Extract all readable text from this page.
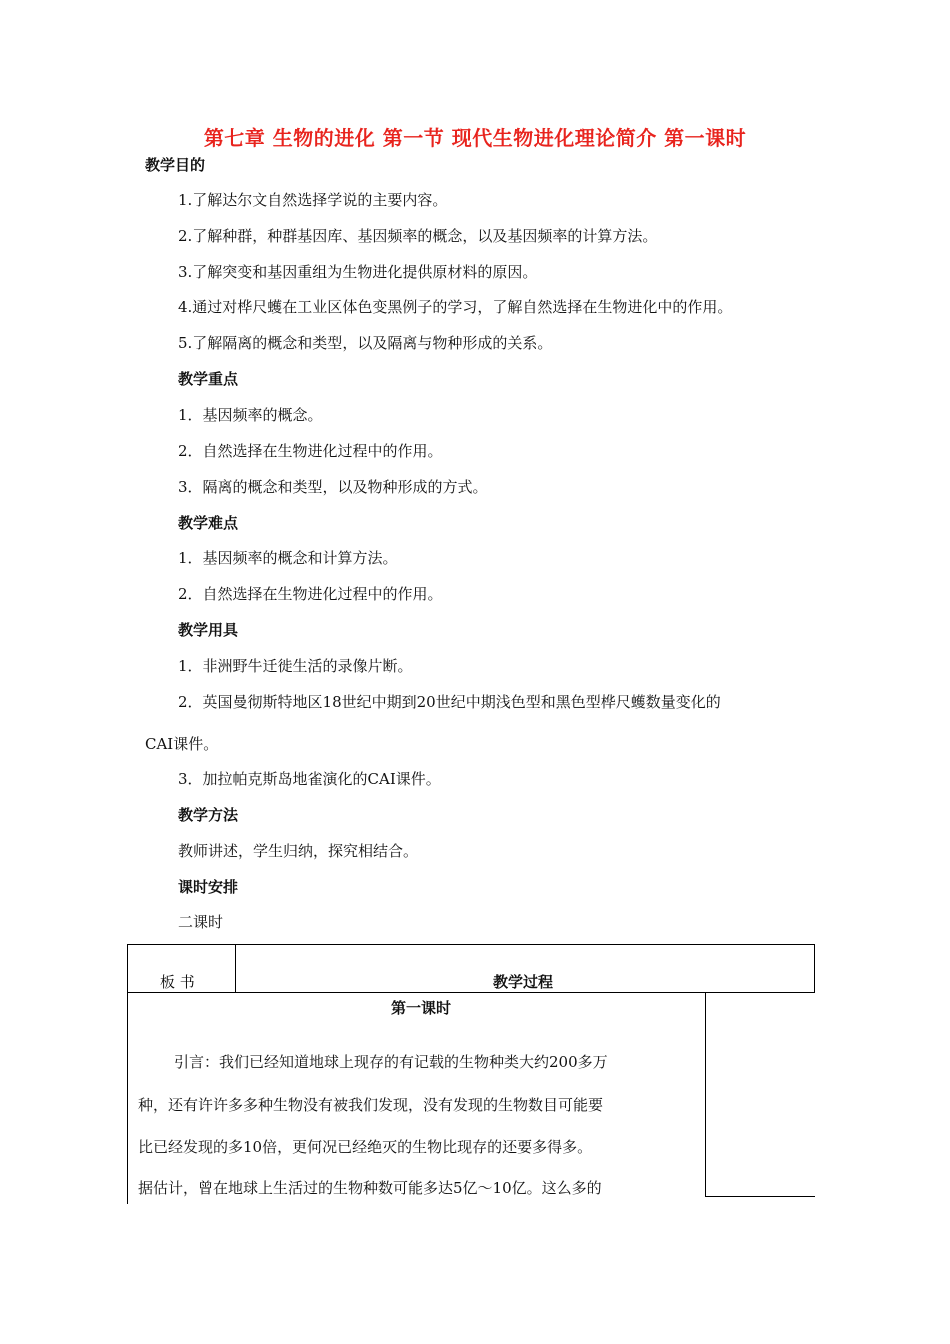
第七章 生物的进化 第一节 现代生物进化理论简介 第一课时
教学目的
1.了解达尔文自然选择学说的主要内容。
2.了解种群，种群基因库、基因频率的概念，以及基因频率的计算方法。
3.了解突变和基因重组为生物进化提供原材料的原因。
4.通过对桦尺蠖在工业区体色变黑例子的学习，了解自然选择在生物进化中的作用。
5.了解隔离的概念和类型，以及隔离与物种形成的关系。
教学重点
1．基因频率的概念。
2．自然选择在生物进化过程中的作用。
3．隔离的概念和类型，以及物种形成的方式。
教学难点
1．基因频率的概念和计算方法。
2．自然选择在生物进化过程中的作用。
教学用具
1．非洲野牛迁徙生活的录像片断。
2．英国曼彻斯特地区18世纪中期到20世纪中期浅色型和黑色型桦尺蠖数量变化的
CAI课件。
3．加拉帕克斯岛地雀演化的CAI课件。
教学方法
教师讲述，学生归纳，探究相结合。
课时安排
二课时
板 书	教学过程
第一课时
引言：我们已经知道地球上现存的有记载的生物种类大约200多万
种，还有许许多多种生物没有被我们发现，没有发现的生物数目可能要
比已经发现的多10倍，更何况已经绝灭的生物比现存的还要多得多。
据估计，曾在地球上生活过的生物种数可能多达5亿～10亿。这么多的
